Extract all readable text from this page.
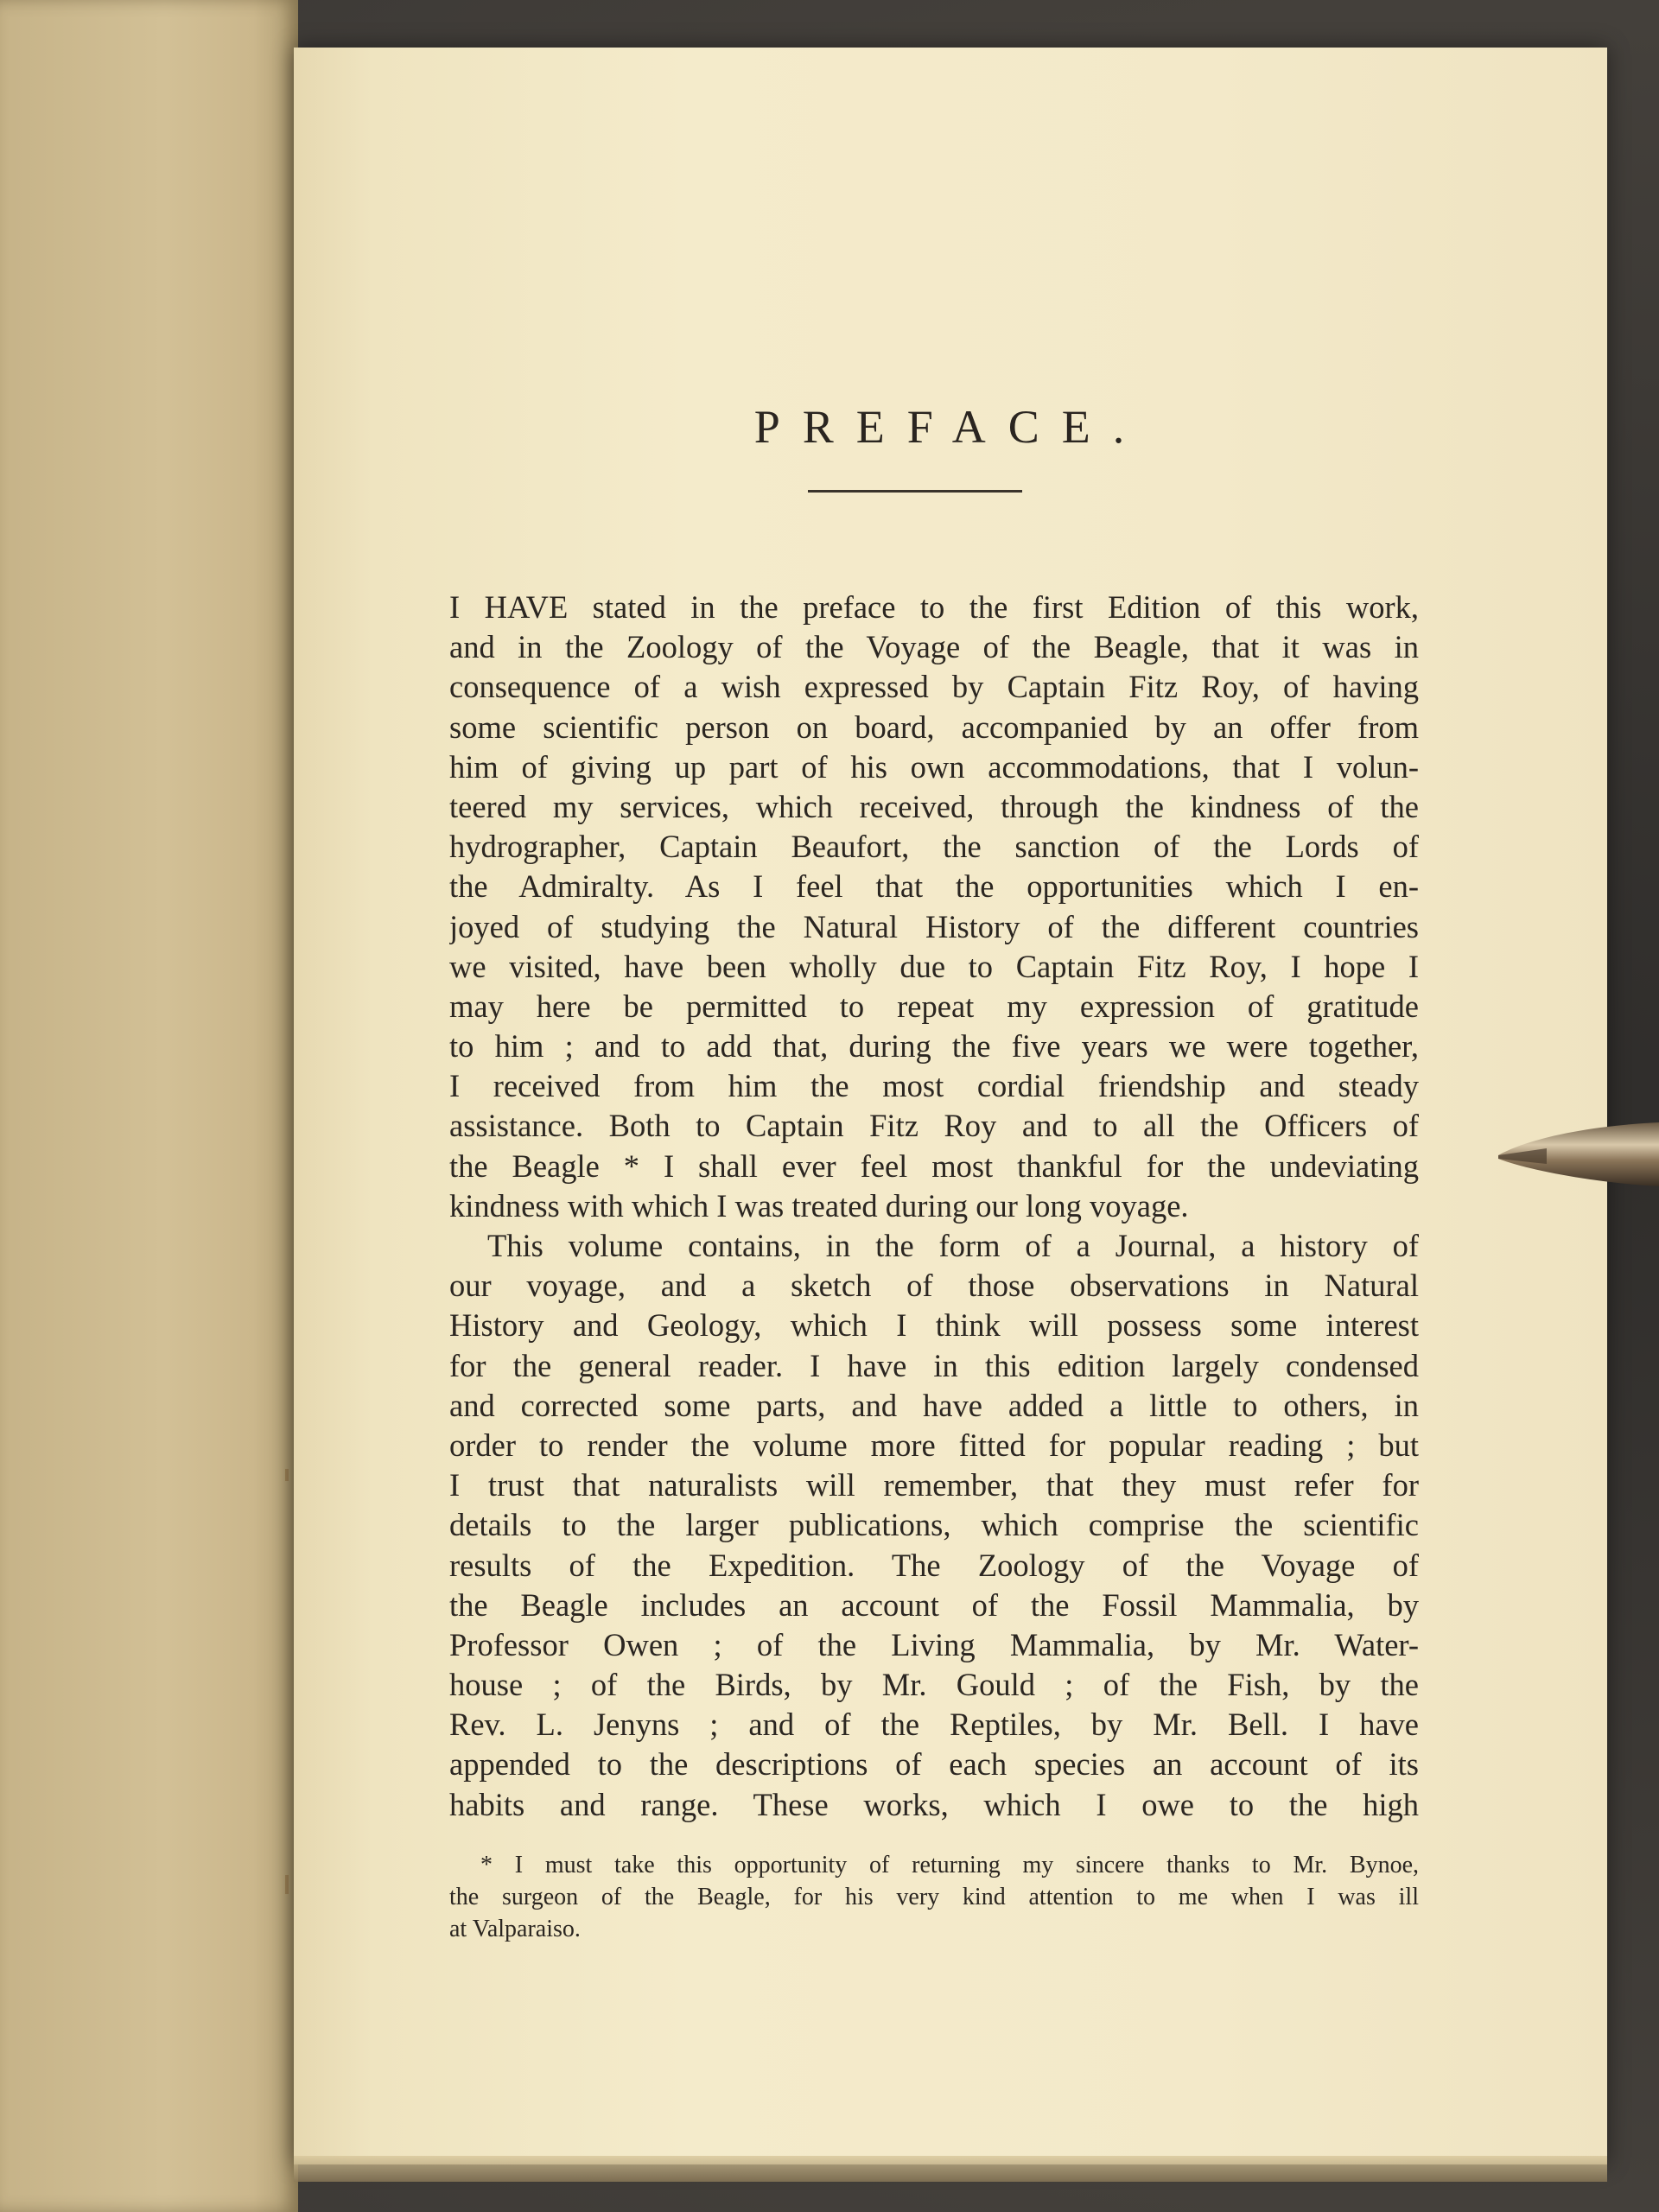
PREFACE.
I HAVE stated in the preface to the first Edition of this work,
and in the Zoology of the Voyage of the Beagle, that it was in
consequence of a wish expressed by Captain Fitz Roy, of having
some scientific person on board, accompanied by an offer from
him of giving up part of his own accommodations, that I volun-
teered my services, which received, through the kindness of the
hydrographer, Captain Beaufort, the sanction of the Lords of
the Admiralty. As I feel that the opportunities which I en-
joyed of studying the Natural History of the different countries
we visited, have been wholly due to Captain Fitz Roy, I hope I
may here be permitted to repeat my expression of gratitude
to him ; and to add that, during the five years we were together,
I received from him the most cordial friendship and steady
assistance. Both to Captain Fitz Roy and to all the Officers of
the Beagle * I shall ever feel most thankful for the undeviating
kindness with which I was treated during our long voyage.
This volume contains, in the form of a Journal, a history of
our voyage, and a sketch of those observations in Natural
History and Geology, which I think will possess some interest
for the general reader. I have in this edition largely condensed
and corrected some parts, and have added a little to others, in
order to render the volume more fitted for popular reading ; but
I trust that naturalists will remember, that they must refer for
details to the larger publications, which comprise the scientific
results of the Expedition. The Zoology of the Voyage of
the Beagle includes an account of the Fossil Mammalia, by
Professor Owen ; of the Living Mammalia, by Mr. Water-
house ; of the Birds, by Mr. Gould ; of the Fish, by the
Rev. L. Jenyns ; and of the Reptiles, by Mr. Bell. I have
appended to the descriptions of each species an account of its
habits and range. These works, which I owe to the high
* I must take this opportunity of returning my sincere thanks to Mr. Bynoe,
the surgeon of the Beagle, for his very kind attention to me when I was ill
at Valparaiso.
